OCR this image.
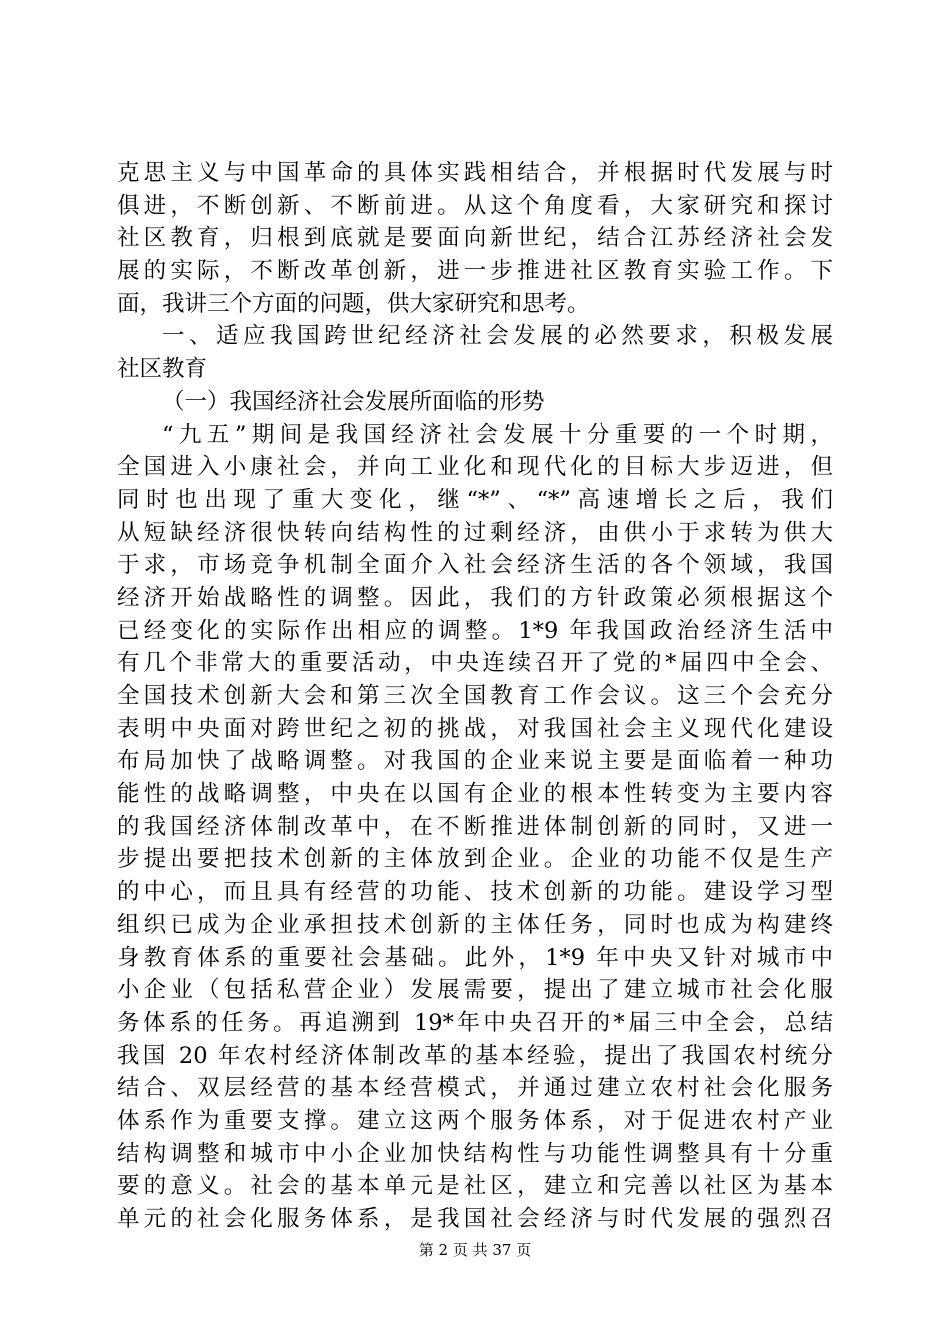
克思主义与中国革命的具体实践相结合，并根据时代发展与时
俱进，不断创新、不断前进。从这个角度看，大家研究和探讨
社区教育，归根到底就是要面向新世纪，结合江苏经济社会发
展的实际，不断改革创新，进一步推进社区教育实验工作。下
面，我讲三个方面的问题，供大家研究和思考。
一、适应我国跨世纪经济社会发展的必然要求，积极发展
社区教育
（一）我国经济社会发展所面临的形势
“九五”期间是我国经济社会发展十分重要的一个时期，
全国进入小康社会，并向工业化和现代化的目标大步迈进，但
同时也出现了重大变化，继“*”、“*”高速增长之后，我们
从短缺经济很快转向结构性的过剩经济，由供小于求转为供大
于求，市场竞争机制全面介入社会经济生活的各个领域，我国
经济开始战略性的调整。因此，我们的方针政策必须根据这个
已经变化的实际作出相应的调整。1*9 年我国政治经济生活中
有几个非常大的重要活动，中央连续召开了党的*届四中全会、
全国技术创新大会和第三次全国教育工作会议。这三个会充分
表明中央面对跨世纪之初的挑战，对我国社会主义现代化建设
布局加快了战略调整。对我国的企业来说主要是面临着一种功
能性的战略调整，中央在以国有企业的根本性转变为主要内容
的我国经济体制改革中，在不断推进体制创新的同时，又进一
步提出要把技术创新的主体放到企业。企业的功能不仅是生产
的中心，而且具有经营的功能、技术创新的功能。建设学习型
组织已成为企业承担技术创新的主体任务，同时也成为构建终
身教育体系的重要社会基础。此外，1*9 年中央又针对城市中
小企业（包括私营企业）发展需要，提出了建立城市社会化服
务体系的任务。再追溯到 19*年中央召开的*届三中全会，总结
我国 20 年农村经济体制改革的基本经验，提出了我国农村统分
结合、双层经营的基本经营模式，并通过建立农村社会化服务
体系作为重要支撑。建立这两个服务体系，对于促进农村产业
结构调整和城市中小企业加快结构性与功能性调整具有十分重
要的意义。社会的基本单元是社区，建立和完善以社区为基本
单元的社会化服务体系，是我国社会经济与时代发展的强烈召
第 2 页 共 37 页
